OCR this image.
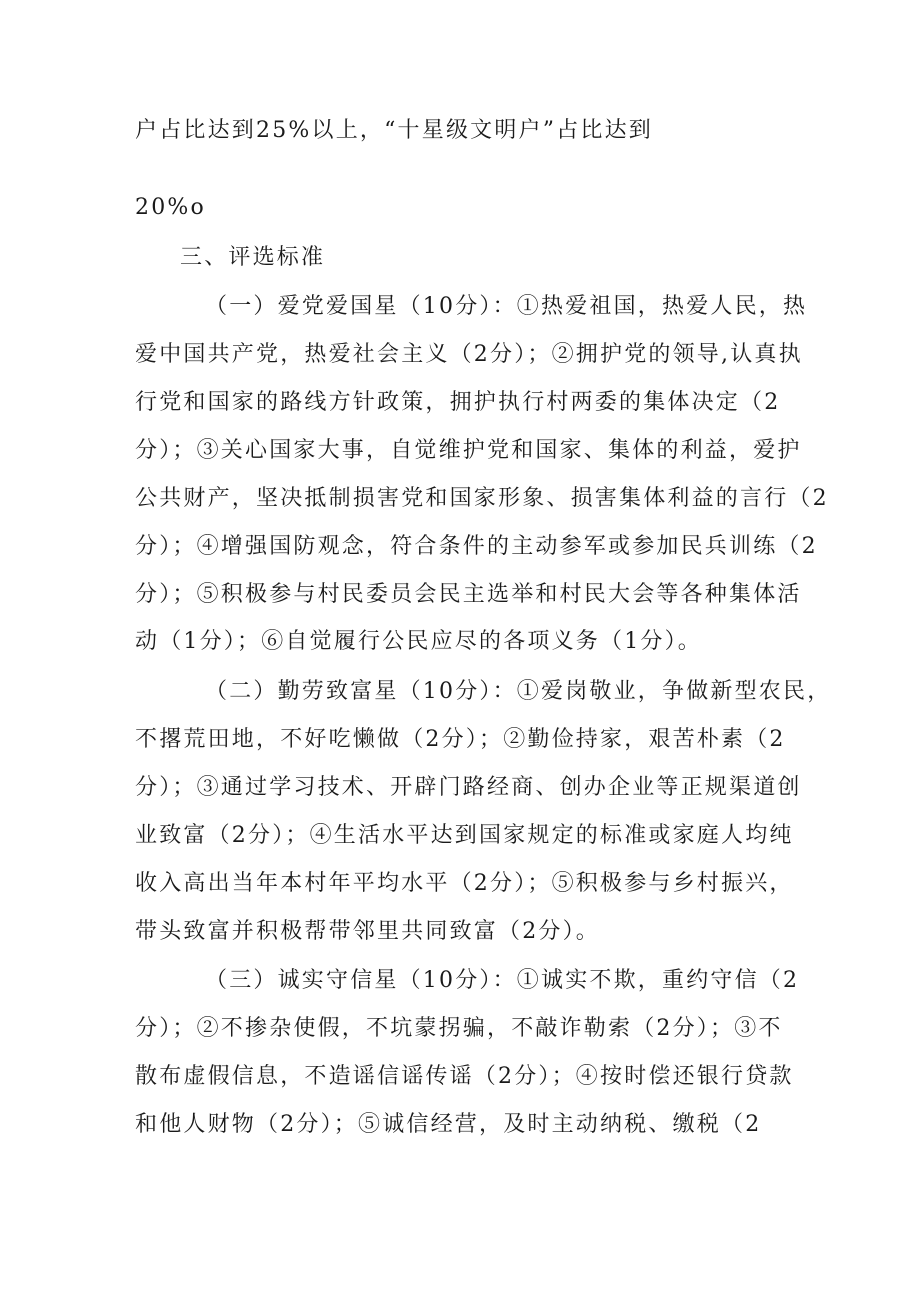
户占比达到25%以上，“十星级文明户”占比达到
20%o
三、评选标准
（一）爱党爱国星（10分）：①热爱祖国，热爱人民，热
爱中国共产党，热爱社会主义（2分）；②拥护党的领导,认真执
行党和国家的路线方针政策，拥护执行村两委的集体决定（2
分）；③关心国家大事，自觉维护党和国家、集体的利益，爱护
公共财产，坚决抵制损害党和国家形象、损害集体利益的言行（2
分）；④增强国防观念，符合条件的主动参军或参加民兵训练（2
分）；⑤积极参与村民委员会民主选举和村民大会等各种集体活
动（1分）；⑥自觉履行公民应尽的各项义务（1分）。
（二）勤劳致富星（10分）：①爱岗敬业，争做新型农民，
不撂荒田地，不好吃懒做（2分）；②勤俭持家，艰苦朴素（2
分）；③通过学习技术、开辟门路经商、创办企业等正规渠道创
业致富（2分）；④生活水平达到国家规定的标准或家庭人均纯
收入高出当年本村年平均水平（2分）；⑤积极参与乡村振兴，
带头致富并积极帮带邻里共同致富（2分）。
（三）诚实守信星（10分）：①诚实不欺，重约守信（2
分）；②不掺杂使假，不坑蒙拐骗，不敲诈勒索（2分）；③不
散布虚假信息，不造谣信谣传谣（2分）；④按时偿还银行贷款
和他人财物（2分）；⑤诚信经营，及时主动纳税、缴税（2
